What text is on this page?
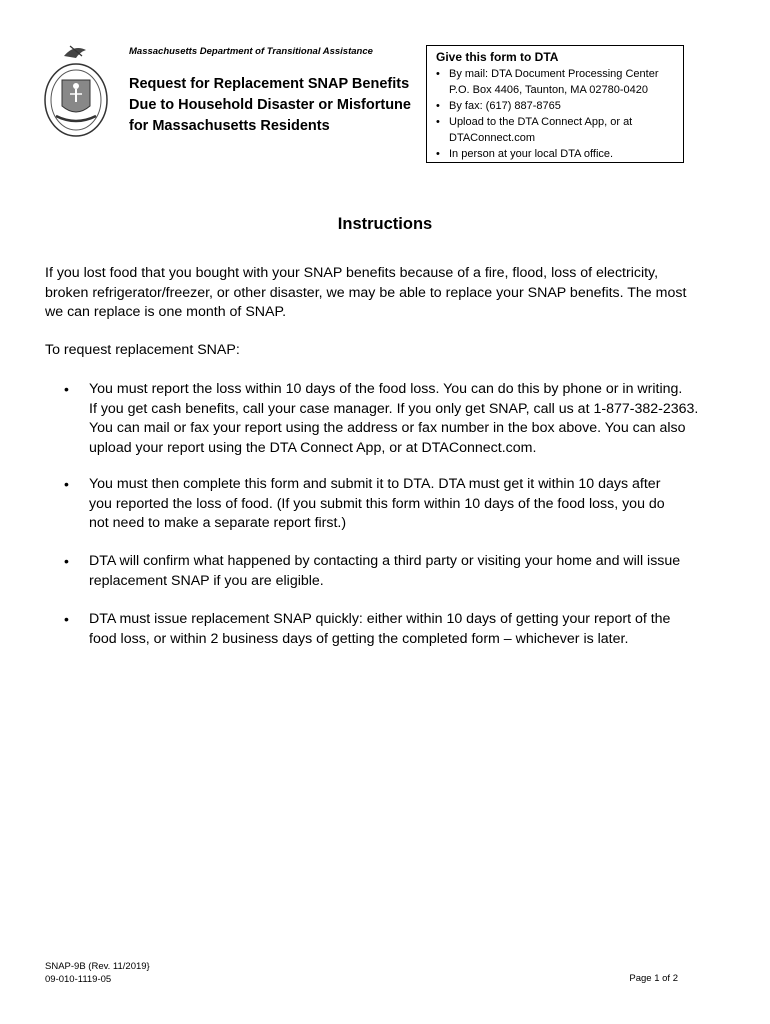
Massachusetts Department of Transitional Assistance
Request for Replacement SNAP Benefits
Due to Household Disaster or Misfortune
for Massachusetts Residents
Give this form to DTA
• By mail: DTA Document Processing Center
P.O. Box 4406, Taunton, MA 02780-0420
• By fax: (617) 887-8765
• Upload to the DTA Connect App, or at
DTAConnect.com
• In person at your local DTA office.
Instructions
If you lost food that you bought with your SNAP benefits because of a fire, flood, loss of electricity,
broken refrigerator/freezer, or other disaster, we may be able to replace your SNAP benefits. The most
we can replace is one month of SNAP.
To request replacement SNAP:
• You must report the loss within 10 days of the food loss. You can do this by phone or in writing.
If you get cash benefits, call your case manager. If you only get SNAP, call us at 1-877-382-2363.
You can mail or fax your report using the address or fax number in the box above. You can also
upload your report using the DTA Connect App, or at DTAConnect.com.
• You must then complete this form and submit it to DTA. DTA must get it within 10 days after
you reported the loss of food. (If you submit this form within 10 days of the food loss, you do
not need to make a separate report first.)
• DTA will confirm what happened by contacting a third party or visiting your home and will issue
replacement SNAP if you are eligible.
• DTA must issue replacement SNAP quickly: either within 10 days of getting your report of the
food loss, or within 2 business days of getting the completed form – whichever is later.
SNAP-9B (Rev. 11/2019}
09-010-1119-05	Page 1 of 2
